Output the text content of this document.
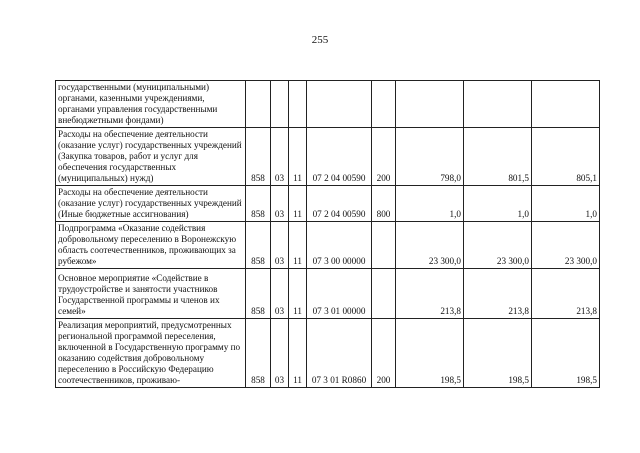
255
государственными (муниципальными) органами, казенными учреждениями, органами управления государственными внебюджетными фондами)								
Расходы на обеспечение деятельности (оказание услуг) государственных учреждений (Закупка товаров, работ и услуг для обеспечения государственных (муниципальных) нужд)	858	03	11	07 2 04 00590	200	798,0	801,5	805,1
Расходы на обеспечение деятельности (оказание услуг) государственных учреждений (Иные бюджетные ассигнования)	858	03	11	07 2 04 00590	800	1,0	1,0	1,0
Подпрограмма «Оказание содействия добровольному переселению в Воронежскую область соотечественников, проживающих за рубежом»	858	03	11	07 3 00 00000		23 300,0	23 300,0	23 300,0
Основное мероприятие «Содействие в трудоустройстве и занятости участников Государственной программы и членов их семей»	858	03	11	07 3 01 00000		213,8	213,8	213,8
Реализация мероприятий, предусмотренных региональной программой переселения, включенной в Государственную программу по оказанию содействия добровольному переселению в Российскую Федерацию соотечественников, проживаю-	858	03	11	07 3 01 R0860	200	198,5	198,5	198,5
